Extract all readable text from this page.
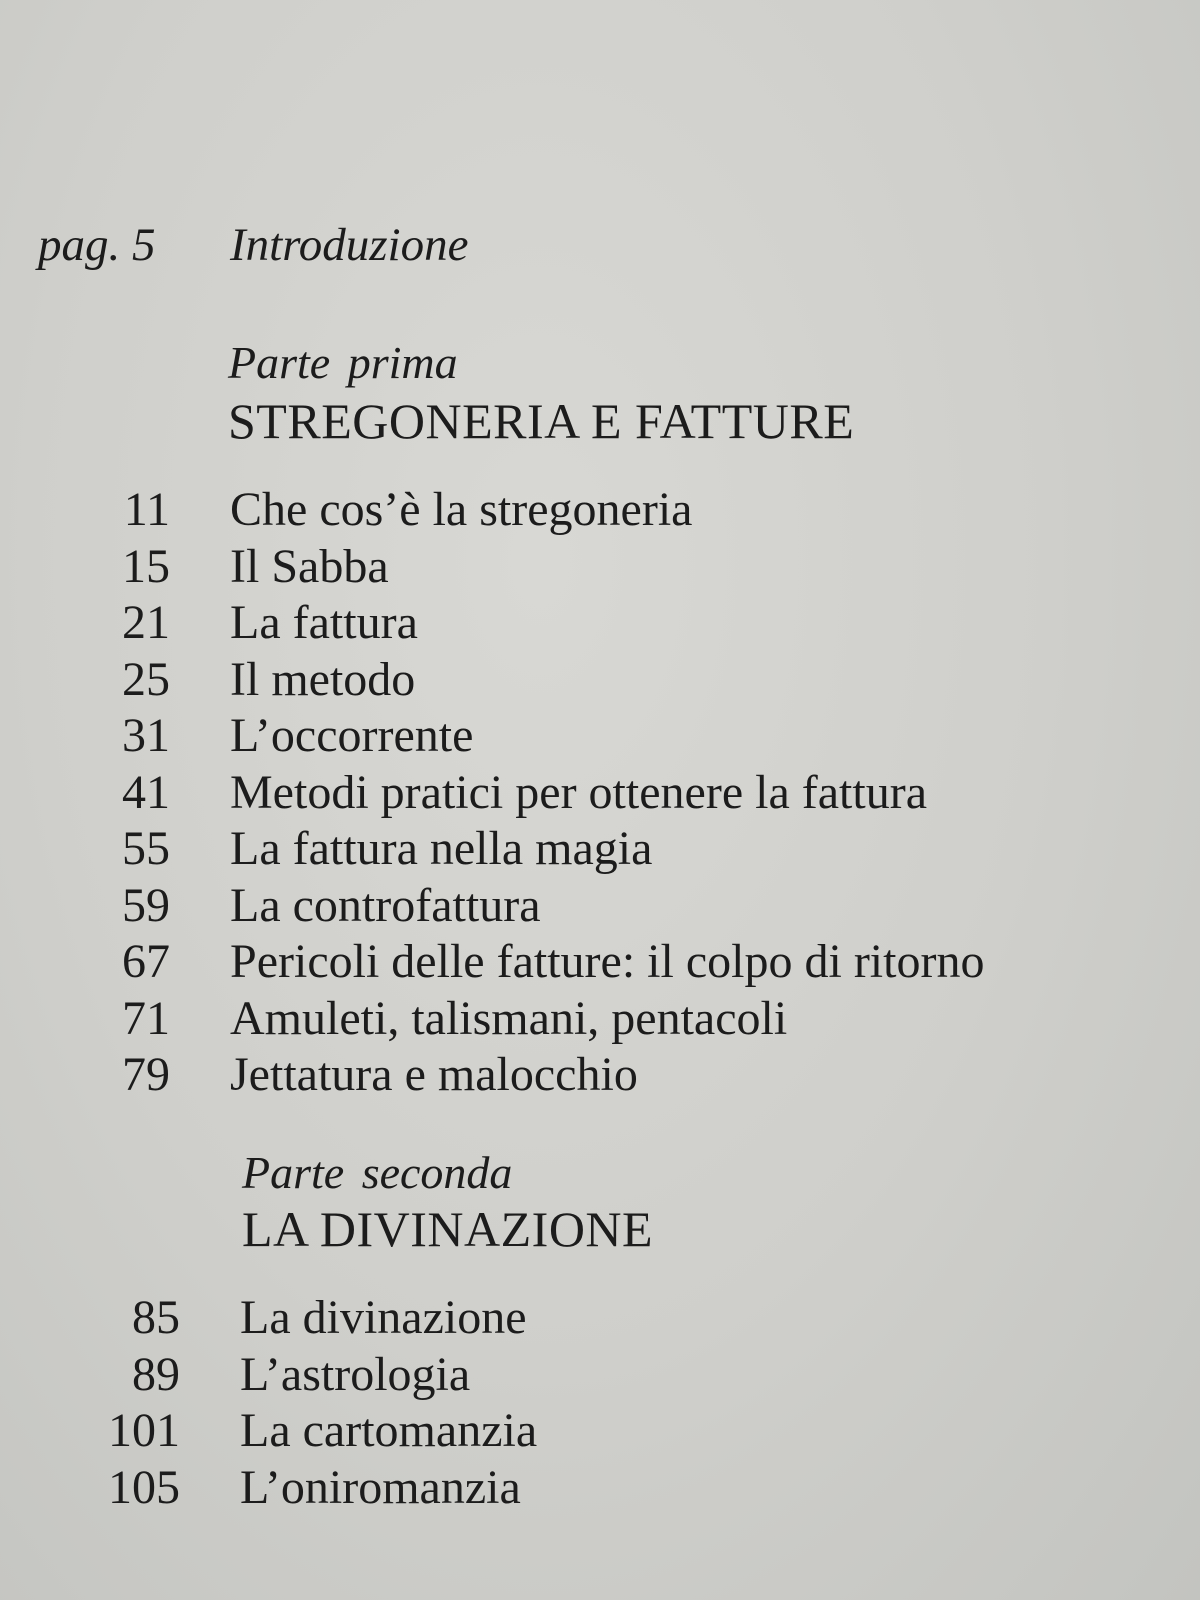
pag. 5 Introduzione
Parte prima
STREGONERIA E FATTURE
11 Che cos’è la stregoneria
15 Il Sabba
21 La fattura
25 Il metodo
31 L’occorrente
41 Metodi pratici per ottenere la fattura
55 La fattura nella magia
59 La controfattura
67 Pericoli delle fatture: il colpo di ritorno
71 Amuleti, talismani, pentacoli
79 Jettatura e malocchio
Parte seconda
LA DIVINAZIONE
85 La divinazione
89 L’astrologia
101 La cartomanzia
105 L’oniromanzia
